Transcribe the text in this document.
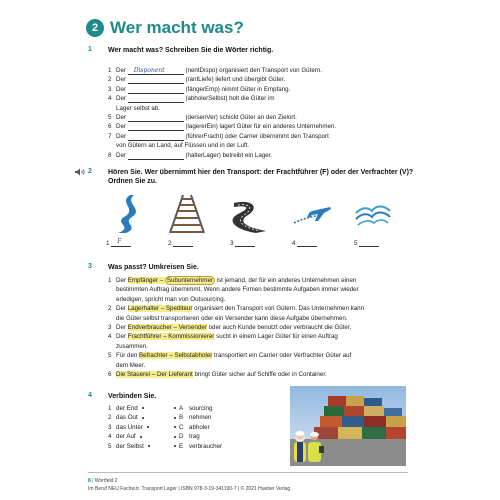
2 Wer macht was?
1 Wer macht was? Schreiben Sie die Wörter richtig.
1 Der Disponent	(nentDispo) organisiert den Transport von Gütern.
2 Der	(rantLiefe) liefert und übergibt Güter.
3 Der	(fängerEmp) nimmt Güter in Empfang.
4 Der	(abholerSelbst) holt die Güter im
Lager selbst ab.
5 Der	(dersenVer) schickt Güter an den Zielort.
6 Der	(lagererEin) lagert Güter für ein anderes Unternehmen.
7 Der	(führerFracht) oder Carrier übernimmt den Transport
von Gütern an Land, auf Flüssen und in der Luft.
8 Der	(halterLager) betreibt ein Lager.
2 Hören Sie. Wer übernimmt hier den Transport: der Frachtführer (F) oder der Verfrachter (V)? Ordnen Sie zu.
1 F	2	3	4	5
3 Was passt? Umkreisen Sie.
1 Der Empfänger – Subunternehmer ist jemand, der für ein anderes Unternehmen einen
bestimmten Auftrag übernimmt. Wenn andere Firmen bestimmte Aufgaben immer wieder
erledigen, spricht man von Outsourcing.
2 Der Lagerhalter – Spediteur organisiert den Transport von Gütern. Das Unternehmen kann
die Güter selbst transportieren oder ein Versender kann diese Aufgabe übernehmen.
3 Der Endverbraucher – Versender oder auch Kunde benutzt oder verbraucht die Güter.
4 Der Frachtführer – Kommissionierer sucht in einem Lager Güter für einen Auftrag
zusammen.
5 Für den Befrachter – Selbstabholer transportiert ein Carrier oder Verfrachter Güter auf
dem Meer.
6 Die Stauerei – Der Lieferant bringt Güter sicher auf Schiffe oder in Container.
4 Verbinden Sie.
1 der End
2 das Out
3 das Unter
4 der Auf
5 der Selbst
A sourcing
B nehmen
C abholer
D trag
E verbraucher
8 | Wortfeld 2
Im Beruf NEU Fachw.tr. Transport Lager | ISBN 978-3-19-341190-7 | © 2021 Hueber Verlag
